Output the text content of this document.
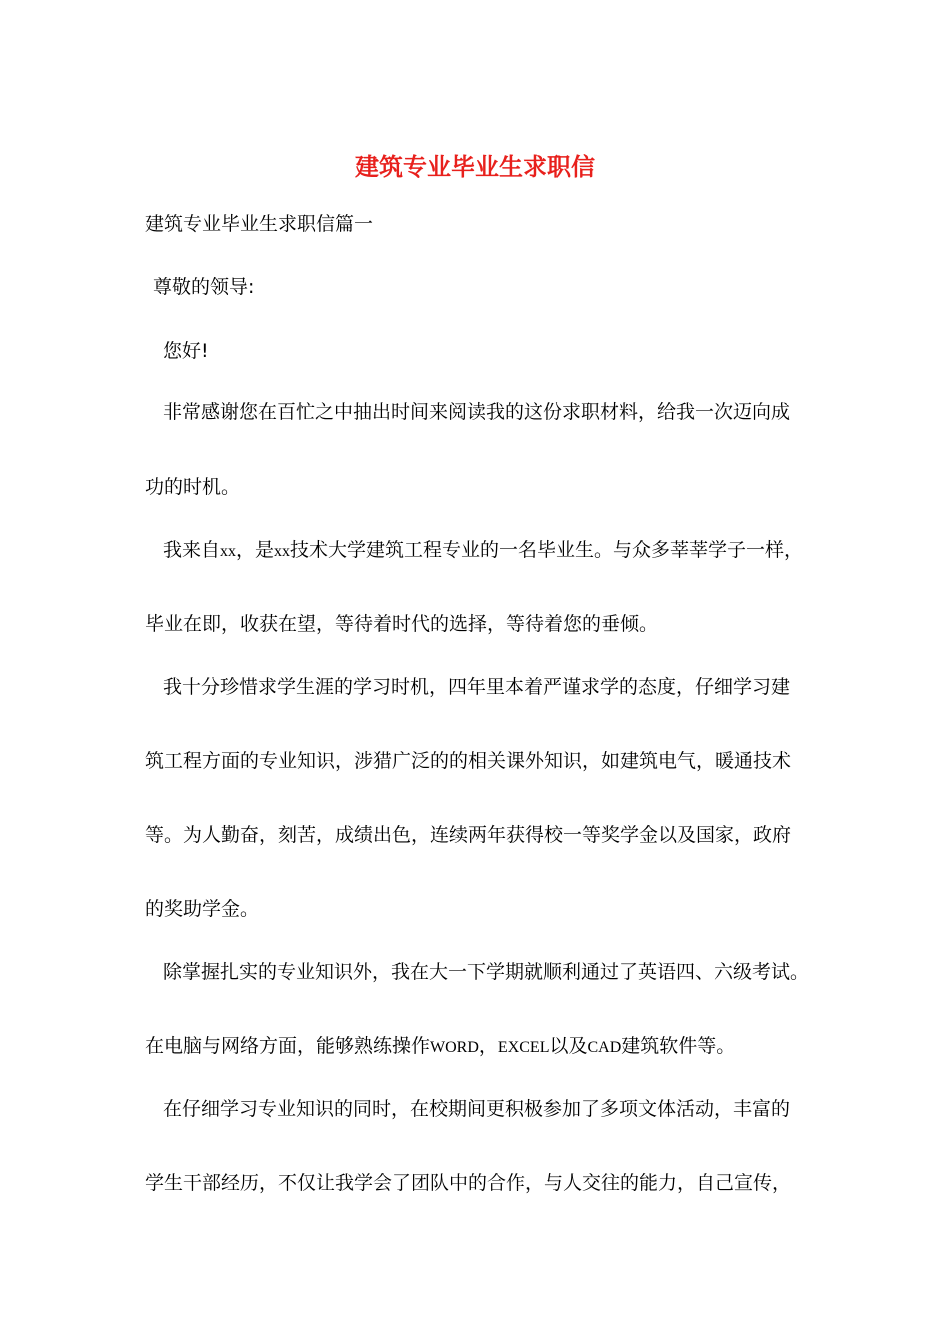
建筑专业毕业生求职信
建筑专业毕业生求职信篇一
尊敬的领导:
您好!
非常感谢您在百忙之中抽出时间来阅读我的这份求职材料，给我一次迈向成
功的时机。
我来自xx，是xx技术大学建筑工程专业的一名毕业生。与众多莘莘学子一样，
毕业在即，收获在望，等待着时代的选择，等待着您的垂倾。
我十分珍惜求学生涯的学习时机，四年里本着严谨求学的态度，仔细学习建
筑工程方面的专业知识，涉猎广泛的的相关课外知识，如建筑电气，暖通技术
等。为人勤奋，刻苦，成绩出色，连续两年获得校一等奖学金以及国家，政府
的奖助学金。
除掌握扎实的专业知识外，我在大一下学期就顺利通过了英语四、六级考试。
在电脑与网络方面，能够熟练操作WORD，EXCEL以及CAD建筑软件等。
在仔细学习专业知识的同时，在校期间更积极参加了多项文体活动，丰富的
学生干部经历，不仅让我学会了团队中的合作，与人交往的能力，自己宣传，
